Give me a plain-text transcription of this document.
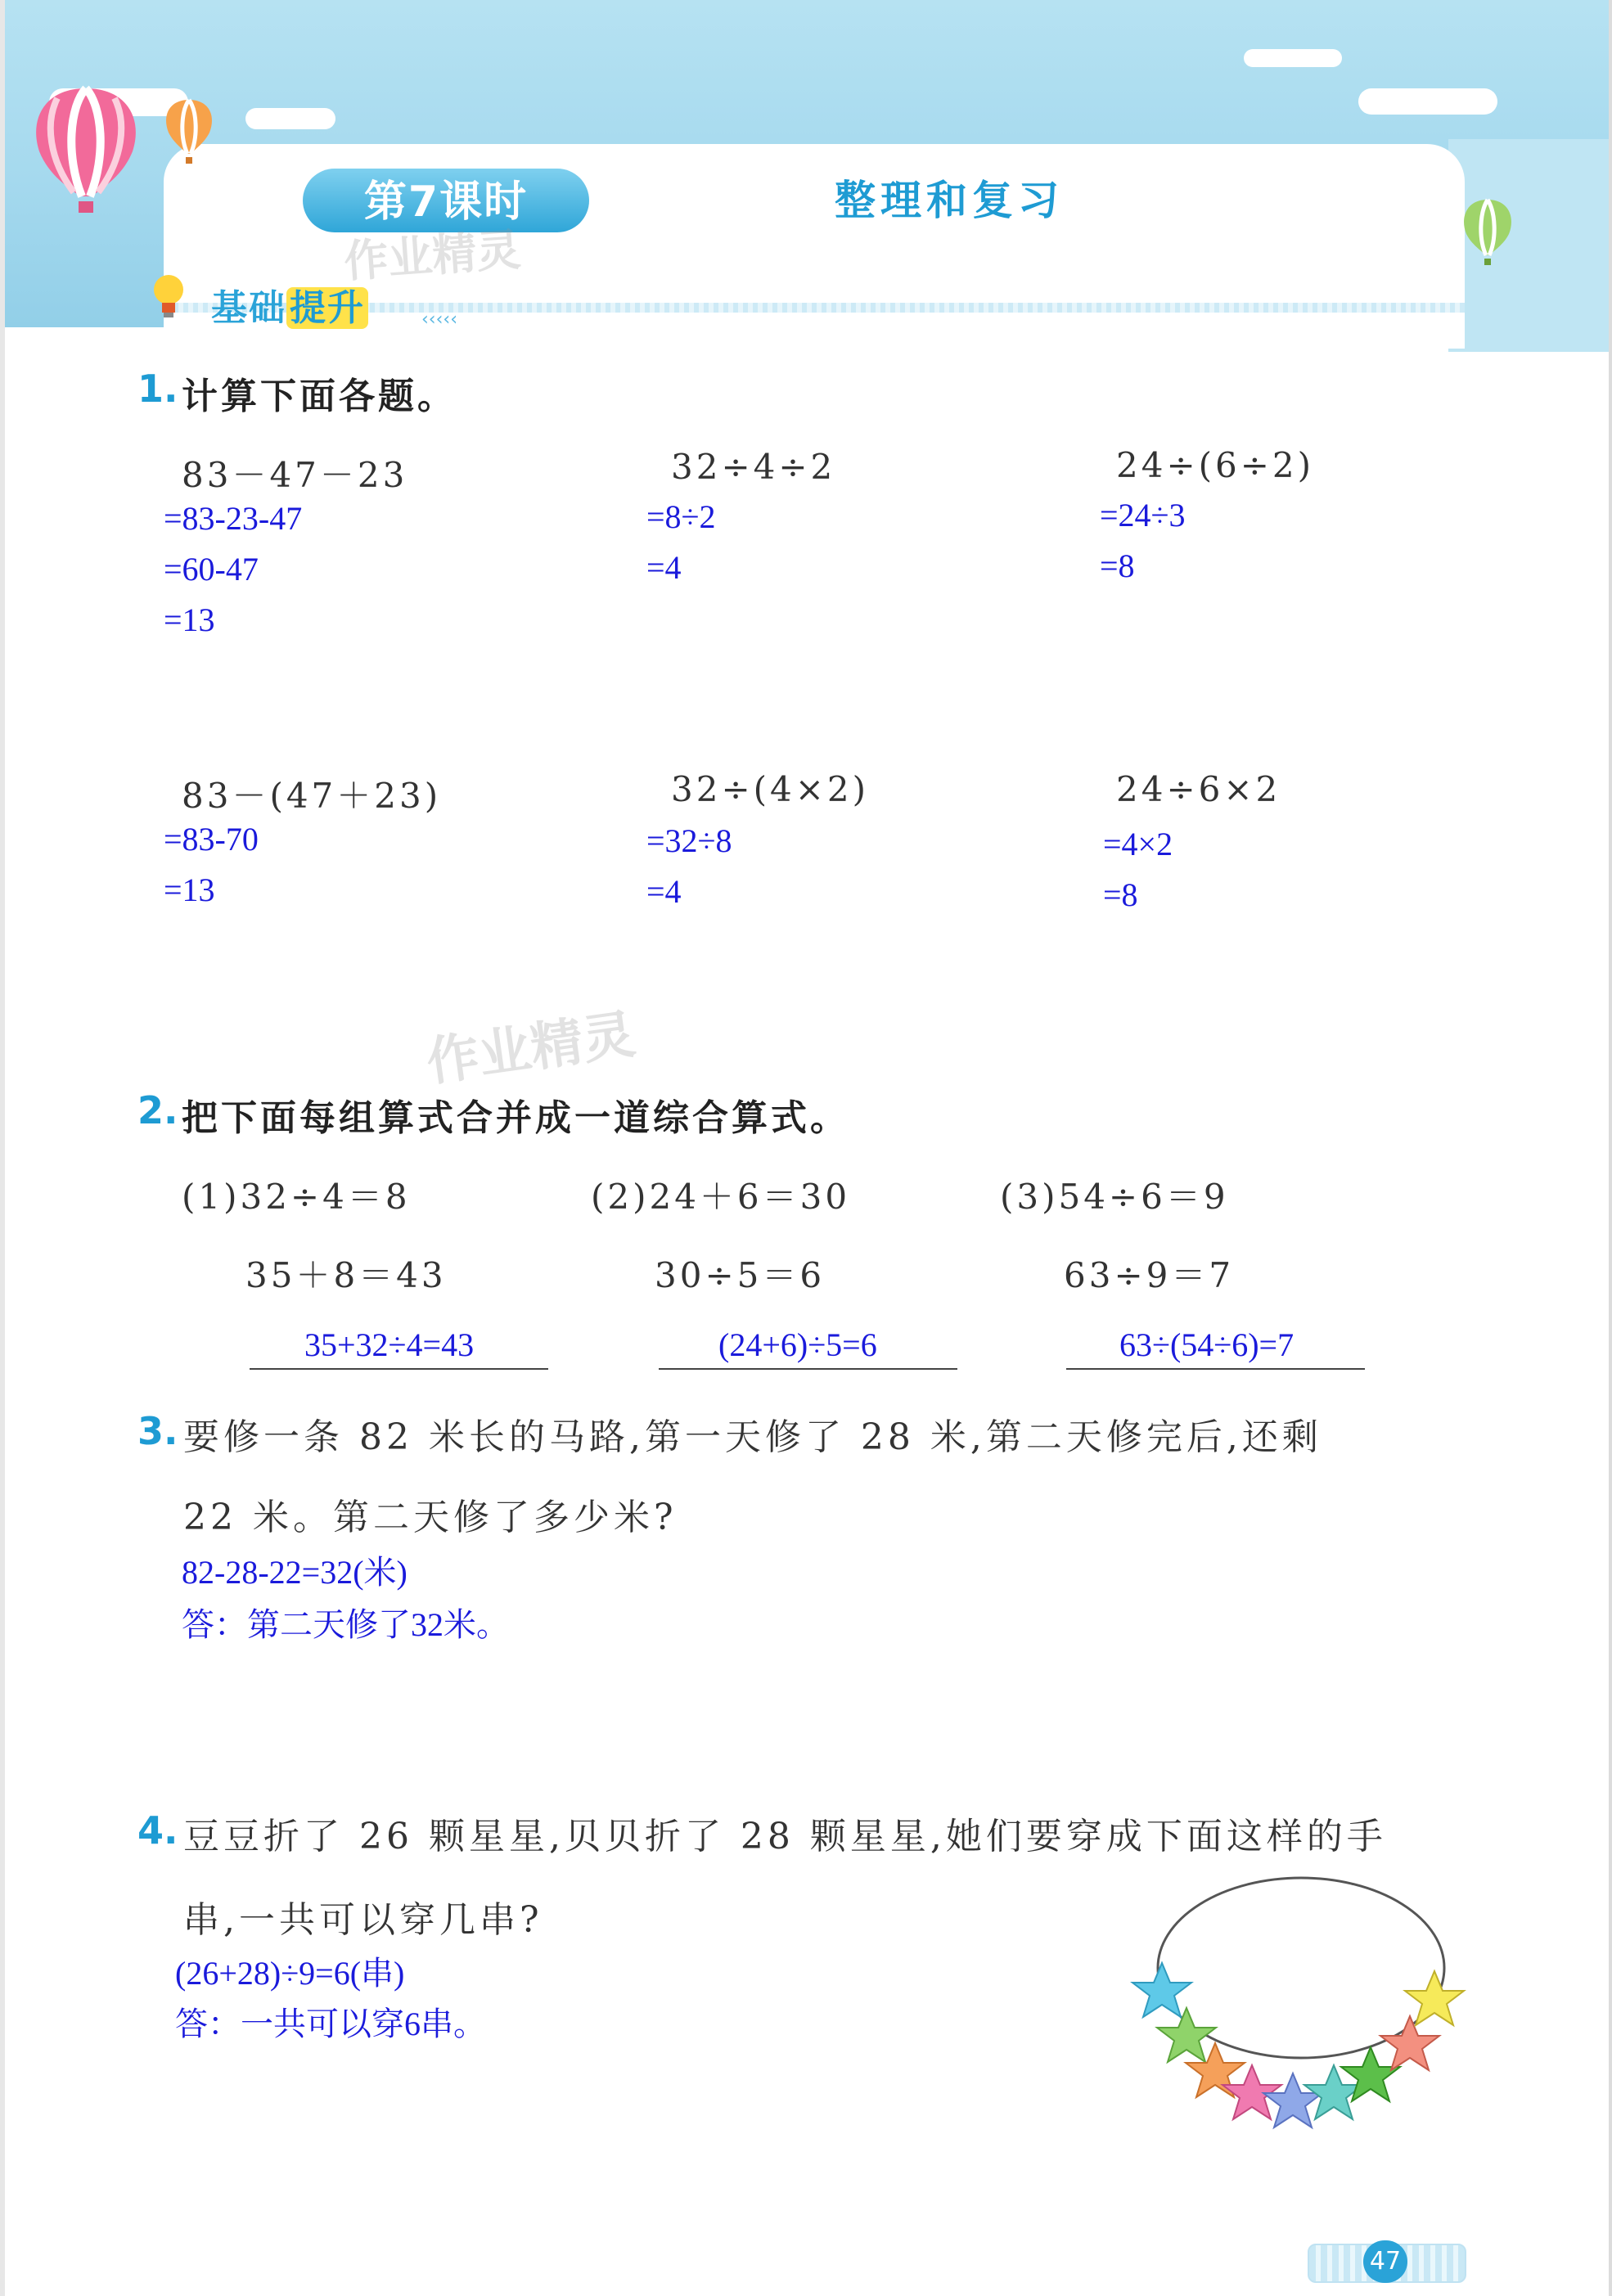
第7课时	整理和复习
基础提升	‹‹‹‹‹
作业精灵
作业精灵
1. 计算下面各题。
83－47－23
=83-23-47
=60-47
=13
32÷4÷2
=8÷2
=4
24÷(6÷2)
=24÷3
=8
83－(47＋23)
=83-70
=13
32÷(4×2)
=32÷8
=4
24÷6×2
=4×2
=8
2. 把下面每组算式合并成一道综合算式。
(1)32÷4＝8
35＋8＝43
35+32÷4=43
(2)24＋6＝30
30÷5＝6
(24+6)÷5=6
(3)54÷6＝9
63÷9＝7
63÷(54÷6)=7
3. 要修一条 82 米长的马路,第一天修了 28 米,第二天修完后,还剩
22 米。第二天修了多少米?
82-28-22=32(米)
答：第二天修了32米。
4. 豆豆折了 26 颗星星,贝贝折了 28 颗星星,她们要穿成下面这样的手
串,一共可以穿几串?
(26+28)÷9=6(串)
答：一共可以穿6串。
47
